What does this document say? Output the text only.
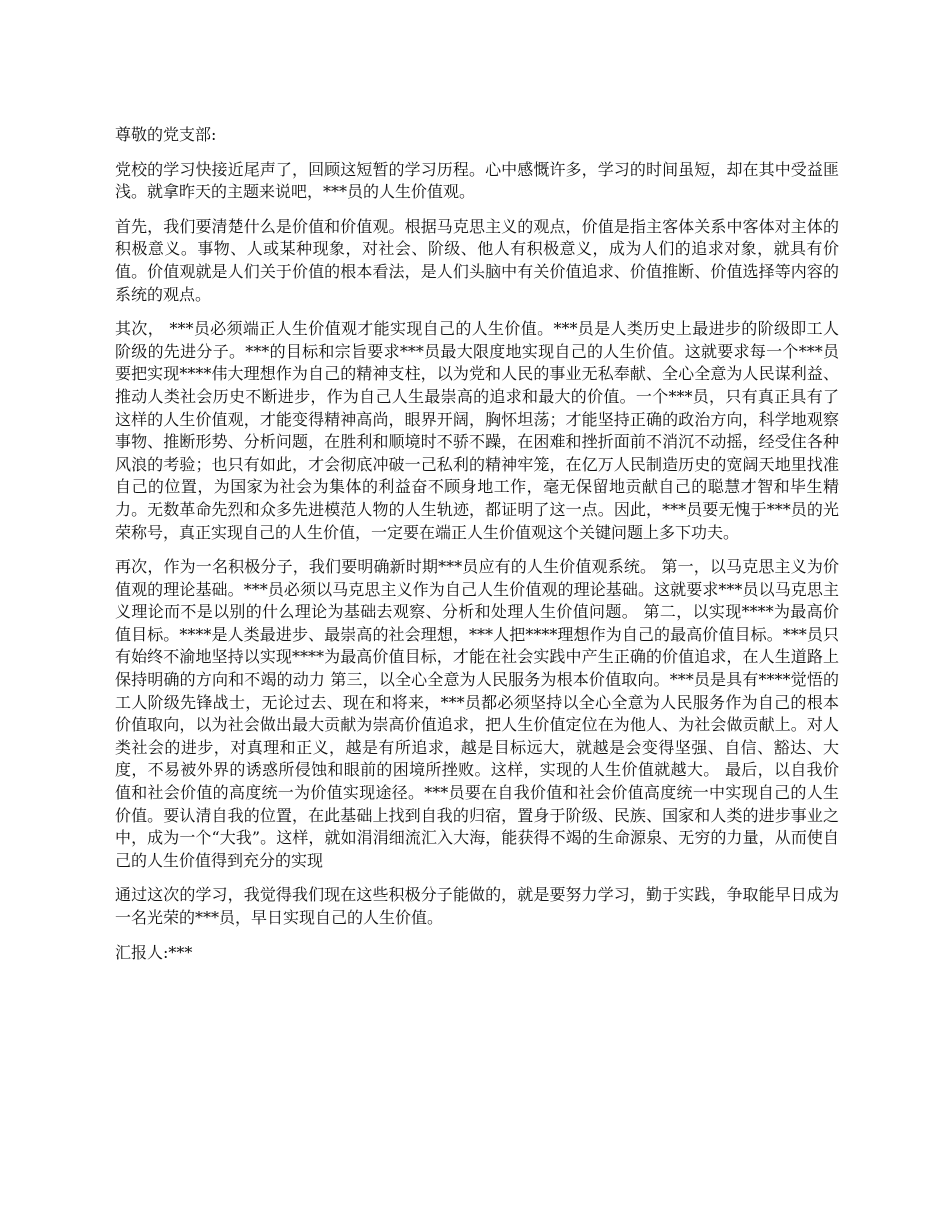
尊敬的党支部:

党校的学习快接近尾声了，回顾这短暂的学习历程。心中感慨许多，学习的时间虽短，却在其中受益匪浅。就拿昨天的主题来说吧，***员的人生价值观。

首先，我们要清楚什么是价值和价值观。根据马克思主义的观点，价值是指主客体关系中客体对主体的积极意义。事物、人或某种现象，对社会、阶级、他人有积极意义，成为人们的追求对象，就具有价值。价值观就是人们关于价值的根本看法，是人们头脑中有关价值追求、价值推断、价值选择等内容的系统的观点。

其次， ***员必须端正人生价值观才能实现自己的人生价值。***员是人类历史上最进步的阶级即工人阶级的先进分子。***的目标和宗旨要求***员最大限度地实现自己的人生价值。这就要求每一个***员要把实现****伟大理想作为自己的精神支柱，以为党和人民的事业无私奉献、全心全意为人民谋利益、推动人类社会历史不断进步，作为自己人生最崇高的追求和最大的价值。一个***员，只有真正具有了这样的人生价值观，才能变得精神高尚，眼界开阔，胸怀坦荡；才能坚持正确的政治方向，科学地观察事物、推断形势、分析问题，在胜利和顺境时不骄不躁，在困难和挫折面前不消沉不动摇，经受住各种风浪的考验；也只有如此，才会彻底冲破一己私利的精神牢笼，在亿万人民制造历史的宽阔天地里找准自己的位置，为国家为社会为集体的利益奋不顾身地工作，毫无保留地贡献自己的聪慧才智和毕生精力。无数革命先烈和众多先进模范人物的人生轨迹，都证明了这一点。因此，***员要无愧于***员的光荣称号，真正实现自己的人生价值，一定要在端正人生价值观这个关键问题上多下功夫。

再次，作为一名积极分子，我们要明确新时期***员应有的人生价值观系统。 第一，以马克思主义为价值观的理论基础。***员必须以马克思主义作为自己人生价值观的理论基础。这就要求***员以马克思主义理论而不是以别的什么理论为基础去观察、分析和处理人生价值问题。 第二，以实现****为最高价值目标。****是人类最进步、最崇高的社会理想，***人把****理想作为自己的最高价值目标。***员只有始终不渝地坚持以实现****为最高价值目标，才能在社会实践中产生正确的价值追求，在人生道路上保持明确的方向和不竭的动力 第三，以全心全意为人民服务为根本价值取向。***员是具有****觉悟的工人阶级先锋战士，无论过去、现在和将来，***员都必须坚持以全心全意为人民服务作为自己的根本价值取向，以为社会做出最大贡献为崇高价值追求，把人生价值定位在为他人、为社会做贡献上。对人类社会的进步，对真理和正义，越是有所追求，越是目标远大，就越是会变得坚强、自信、豁达、大度，不易被外界的诱惑所侵蚀和眼前的困境所挫败。这样，实现的人生价值就越大。 最后，以自我价值和社会价值的高度统一为价值实现途径。***员要在自我价值和社会价值高度统一中实现自己的人生价值。要认清自我的位置，在此基础上找到自我的归宿，置身于阶级、民族、国家和人类的进步事业之中，成为一个“大我”。这样，就如涓涓细流汇入大海，能获得不竭的生命源泉、无穷的力量，从而使自己的人生价值得到充分的实现

通过这次的学习，我觉得我们现在这些积极分子能做的，就是要努力学习，勤于实践，争取能早日成为一名光荣的***员，早日实现自己的人生价值。

汇报人:***
